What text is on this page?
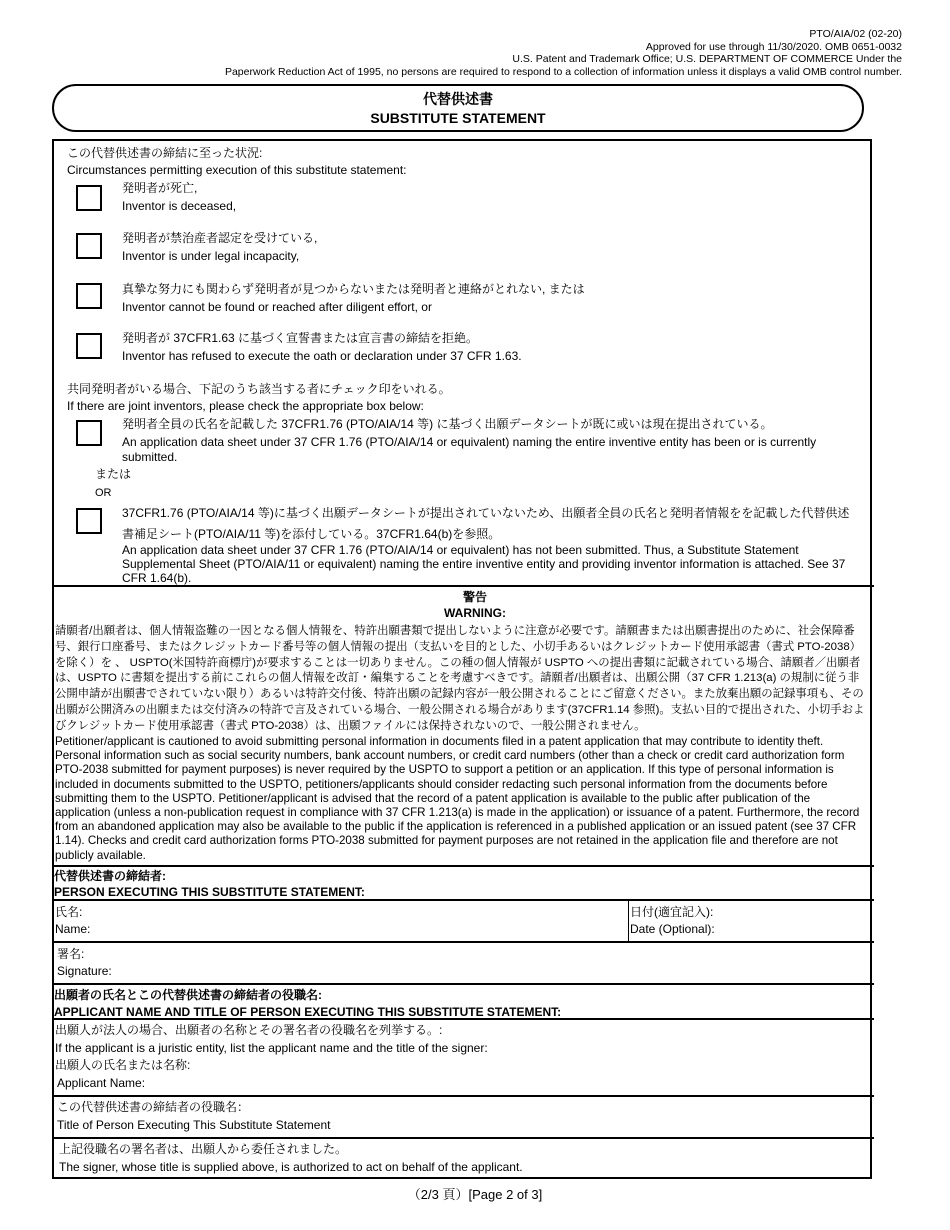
PTO/AIA/02 (02-20)
Approved for use through 11/30/2020. OMB 0651-0032
U.S. Patent and Trademark Office; U.S. DEPARTMENT OF COMMERCE Under the
Paperwork Reduction Act of 1995, no persons are required to respond to a collection of information unless it displays a valid OMB control number.
代替供述書
SUBSTITUTE STATEMENT
この代替供述書の締結に至った状況:
Circumstances permitting execution of this substitute statement:
発明者が死亡,
Inventor is deceased,
発明者が禁治産者認定を受けている,
Inventor is under legal incapacity,
真摯な努力にも関わらず発明者が見つからないまたは発明者と連絡がとれない, または
Inventor cannot be found or reached after diligent effort, or
発明者が 37CFR1.63 に基づく宣誓書または宣言書の締結を拒絶。
Inventor has refused to execute the oath or declaration under 37 CFR 1.63.
共同発明者がいる場合、下記のうち該当する者にチェック印をいれる。
If there are joint inventors, please check the appropriate box below:
発明者全員の氏名を記載した 37CFR1.76 (PTO/AIA/14 等) に基づく出願データシートが既に或いは現在提出されている。
An application data sheet under 37 CFR 1.76 (PTO/AIA/14 or equivalent) naming the entire inventive entity has been or is currently submitted.
または
OR
37CFR1.76 (PTO/AIA/14 等)に基づく出願データシートが提出されていないため、出願者全員の氏名と発明者情報をを記載した代替供述書補足シート(PTO/AIA/11 等)を添付している。37CFR1.64(b)を参照。
An application data sheet under 37 CFR 1.76 (PTO/AIA/14 or equivalent) has not been submitted. Thus, a Substitute Statement Supplemental Sheet (PTO/AIA/11 or equivalent) naming the entire inventive entity and providing inventor information is attached. See 37 CFR 1.64(b).
警告
WARNING:
請願者/出願者は、個人情報盗難の一因となる個人情報を、特許出願書類で提出しないように注意が必要です。請願書または出願書提出のために、社会保障番号、銀行口座番号、またはクレジットカード番号等の個人情報の提出（支払いを目的とした、小切手あるいはクレジットカード使用承認書（書式 PTO-2038）を除く）を 、 USPTO(米国特許商標庁)が要求することは一切ありません。この種の個人情報が USPTO への提出書類に記載されている場合、請願者／出願者は、USPTO に書類を提出する前にこれらの個人情報を改訂・編集することを考慮すべきです。請願者/出願者は、出願公開（37 CFR 1.213(a) の規制に従う非公開申請が出願書でされていない限り）あるいは特許交付後、特許出願の記録内容が一般公開されることにご留意ください。また放棄出願の記録事項も、その出願が公開済みの出願または交付済みの特許で言及されている場合、一般公開される場合があります(37CFR1.14 参照)。支払い目的で提出された、小切手およびクレジットカード使用承認書（書式 PTO-2038）は、出願ファイルには保持されないので、一般公開されません。
Petitioner/applicant is cautioned to avoid submitting personal information in documents filed in a patent application that may contribute to identity theft. Personal information such as social security numbers, bank account numbers, or credit card numbers (other than a check or credit card authorization form PTO-2038 submitted for payment purposes) is never required by the USPTO to support a petition or an application. If this type of personal information is included in documents submitted to the USPTO, petitioners/applicants should consider redacting such personal information from the documents before submitting them to the USPTO. Petitioner/applicant is advised that the record of a patent application is available to the public after publication of the application (unless a non-publication request in compliance with 37 CFR 1.213(a) is made in the application) or issuance of a patent. Furthermore, the record from an abandoned application may also be available to the public if the application is referenced in a published application or an issued patent (see 37 CFR 1.14). Checks and credit card authorization forms PTO-2038 submitted for payment purposes are not retained in the application file and therefore are not publicly available.
代替供述書の締結者:
PERSON EXECUTING THIS SUBSTITUTE STATEMENT:
氏名:
Name:
日付(適宜記入):
Date (Optional):
署名:
Signature:
出願者の氏名とこの代替供述書の締結者の役職名:
APPLICANT NAME AND TITLE OF PERSON EXECUTING THIS SUBSTITUTE STATEMENT:
出願人が法人の場合、出願者の名称とその署名者の役職名を列挙する。:
If the applicant is a juristic entity, list the applicant name and the title of the signer:
出願人の氏名または名称:
Applicant Name:
この代替供述書の締結者の役職名：
Title of Person Executing This Substitute Statement
上記役職名の署名者は、出願人から委任されました。
The signer, whose title is supplied above, is authorized to act on behalf of the applicant.
（2/3 頁）[Page 2 of 3]
